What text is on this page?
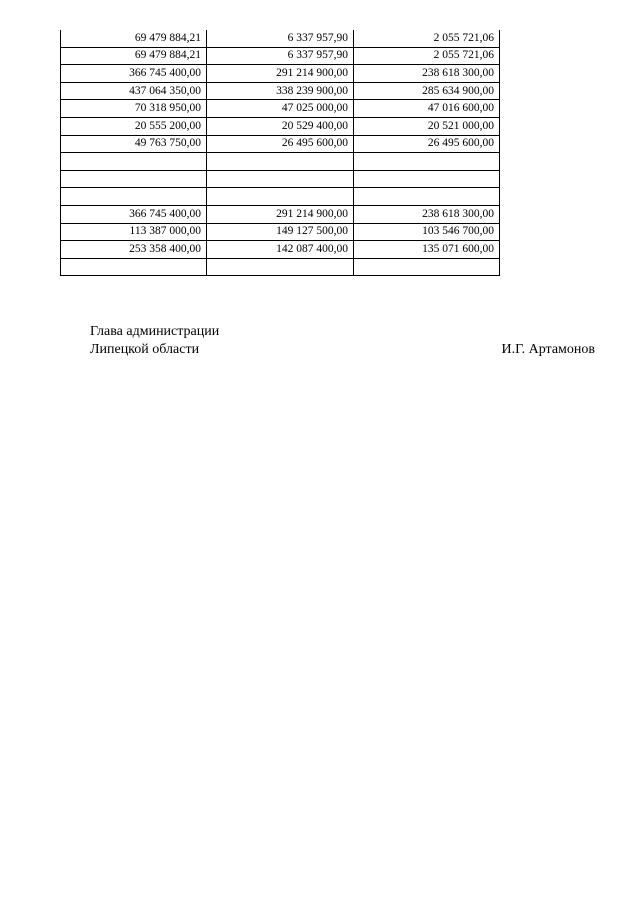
69 479 884,21	6 337 957,90	2 055 721,06
69 479 884,21	6 337 957,90	2 055 721,06
366 745 400,00	291 214 900,00	238 618 300,00
437 064 350,00	338 239 900,00	285 634 900,00
70 318 950,00	47 025 000,00	47 016 600,00
20 555 200,00	20 529 400,00	20 521 000,00
49 763 750,00	26 495 600,00	26 495 600,00

366 745 400,00	291 214 900,00	238 618 300,00
113 387 000,00	149 127 500,00	103 546 700,00
253 358 400,00	142 087 400,00	135 071 600,00

Глава администрации
Липецкой области	И.Г. Артамонов
